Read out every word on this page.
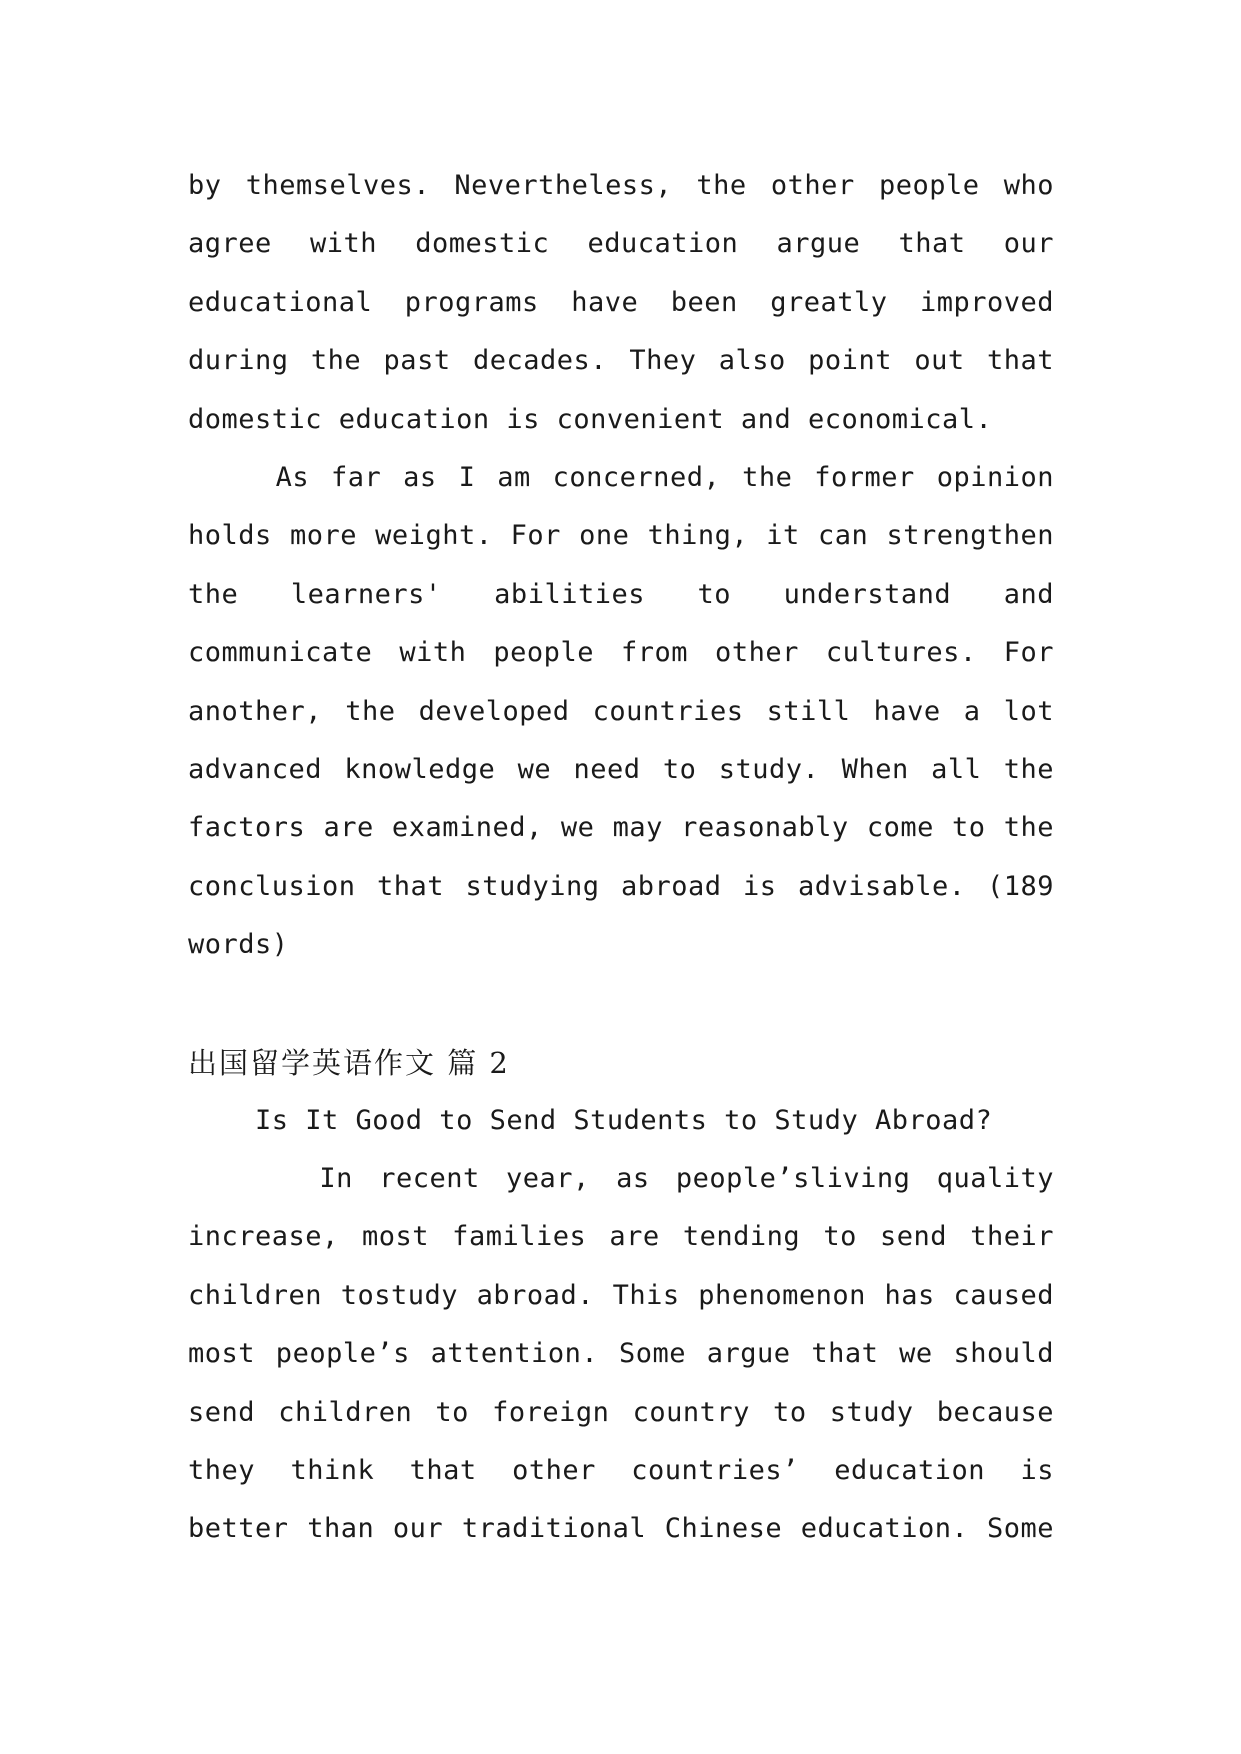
by themselves. Nevertheless, the other people who
agree with domestic education argue that our
educational programs have been greatly improved
during the past decades. They also point out that
domestic education is convenient and economical.
As far as I am concerned, the former opinion
holds more weight. For one thing, it can strengthen
the learners' abilities to understand and
communicate with people from other cultures. For
another, the developed countries still have a lot
advanced knowledge we need to study. When all the
factors are examined, we may reasonably come to the
conclusion that studying abroad is advisable. (189
words)
出国留学英语作文 篇 2
Is It Good to Send Students to Study Abroad?
In recent year, as people’sliving quality
increase, most families are tending to send their
children tostudy abroad. This phenomenon has caused
most people’s attention. Some argue that we should
send children to foreign country to study because
they think that other countries’ education is
better than our traditional Chinese education. Some
